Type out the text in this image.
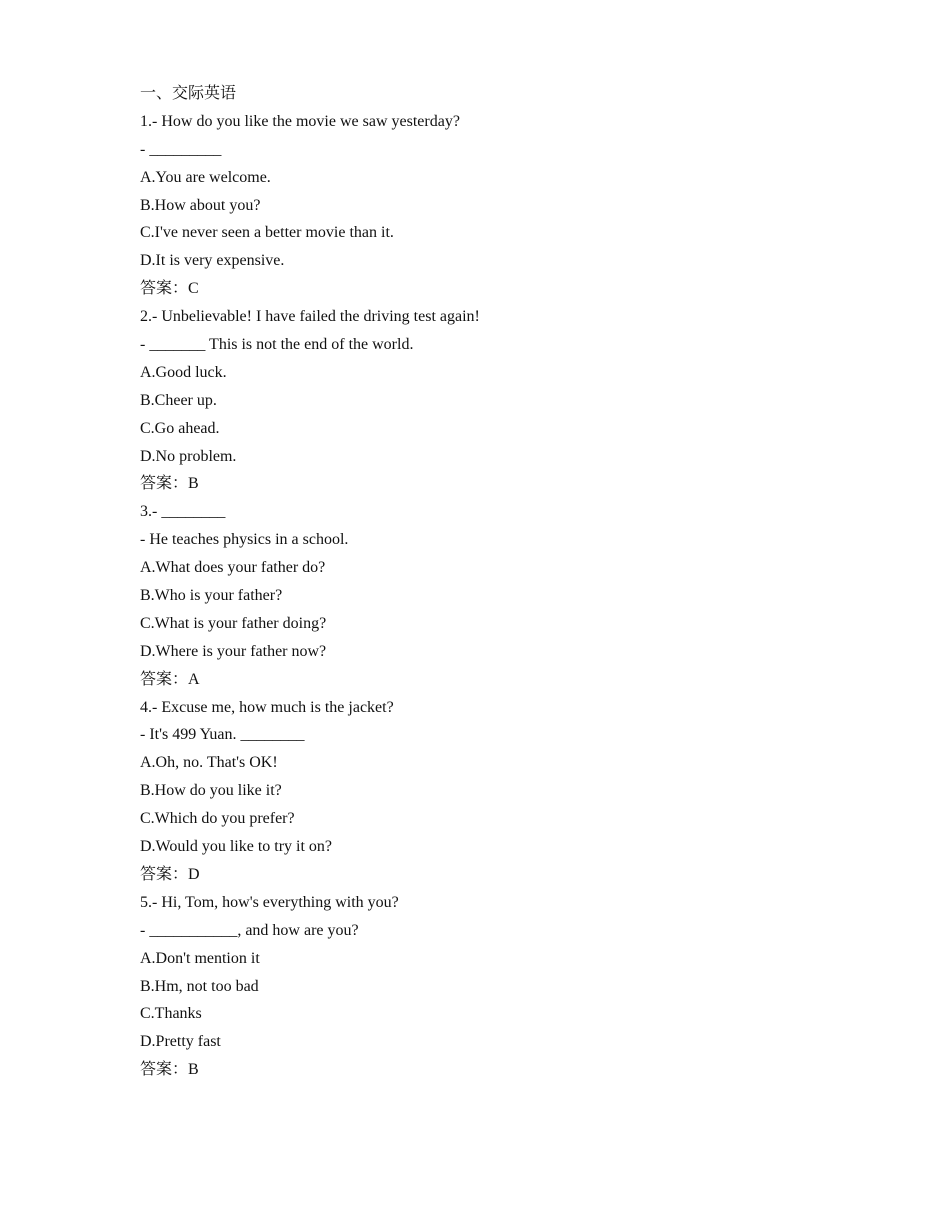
一、交际英语
1.- How do you like the movie we saw yesterday?
- _________
A.You are welcome.
B.How about you?
C.I've never seen a better movie than it.
D.It is very expensive.
答案：C
2.- Unbelievable! I have failed the driving test again!
- _______ This is not the end of the world.
A.Good luck.
B.Cheer up.
C.Go ahead.
D.No problem.
答案：B
3.- ________
- He teaches physics in a school.
A.What does your father do?
B.Who is your father?
C.What is your father doing?
D.Where is your father now?
答案：A
4.- Excuse me, how much is the jacket?
- It's 499 Yuan. ________
A.Oh, no. That's OK!
B.How do you like it?
C.Which do you prefer?
D.Would you like to try it on?
答案：D
5.- Hi, Tom, how's everything with you?
- ___________, and how are you?
A.Don't mention it
B.Hm, not too bad
C.Thanks
D.Pretty fast
答案：B
